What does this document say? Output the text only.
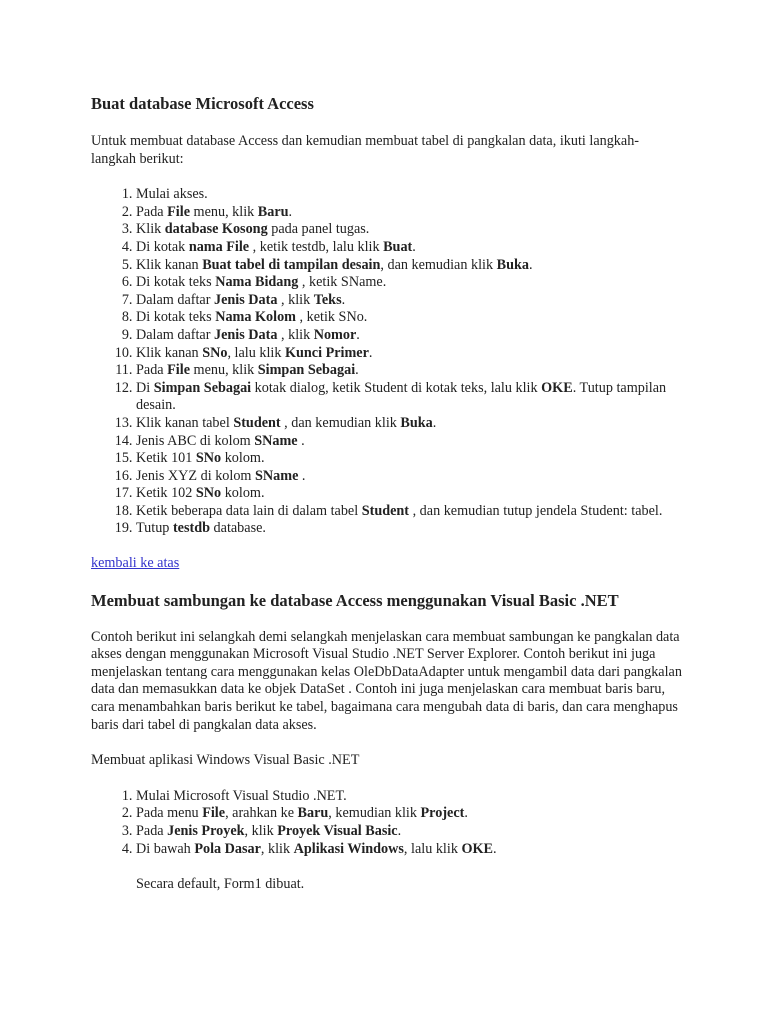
Buat database Microsoft Access

Untuk membuat database Access dan kemudian membuat tabel di pangkalan data, ikuti langkah-langkah berikut:

1. Mulai akses.
2. Pada File menu, klik Baru.
3. Klik database Kosong pada panel tugas.
4. Di kotak nama File , ketik testdb, lalu klik Buat.
5. Klik kanan Buat tabel di tampilan desain, dan kemudian klik Buka.
6. Di kotak teks Nama Bidang , ketik SName.
7. Dalam daftar Jenis Data , klik Teks.
8. Di kotak teks Nama Kolom , ketik SNo.
9. Dalam daftar Jenis Data , klik Nomor.
10. Klik kanan SNo, lalu klik Kunci Primer.
11. Pada File menu, klik Simpan Sebagai.
12. Di Simpan Sebagai kotak dialog, ketik Student di kotak teks, lalu klik OKE. Tutup tampilan desain.
13. Klik kanan tabel Student , dan kemudian klik Buka.
14. Jenis ABC di kolom SName .
15. Ketik 101 SNo kolom.
16. Jenis XYZ di kolom SName .
17. Ketik 102 SNo kolom.
18. Ketik beberapa data lain di dalam tabel Student , dan kemudian tutup jendela Student: tabel.
19. Tutup testdb database.

kembali ke atas

Membuat sambungan ke database Access menggunakan Visual Basic .NET

Contoh berikut ini selangkah demi selangkah menjelaskan cara membuat sambungan ke pangkalan data akses dengan menggunakan Microsoft Visual Studio .NET Server Explorer. Contoh berikut ini juga menjelaskan tentang cara menggunakan kelas OleDbDataAdapter untuk mengambil data dari pangkalan data dan memasukkan data ke objek DataSet . Contoh ini juga menjelaskan cara membuat baris baru, cara menambahkan baris berikut ke tabel, bagaimana cara mengubah data di baris, dan cara menghapus baris dari tabel di pangkalan data akses.

Membuat aplikasi Windows Visual Basic .NET

1. Mulai Microsoft Visual Studio .NET.
2. Pada menu File, arahkan ke Baru, kemudian klik Project.
3. Pada Jenis Proyek, klik Proyek Visual Basic.
4. Di bawah Pola Dasar, klik Aplikasi Windows, lalu klik OKE.

Secara default, Form1 dibuat.
